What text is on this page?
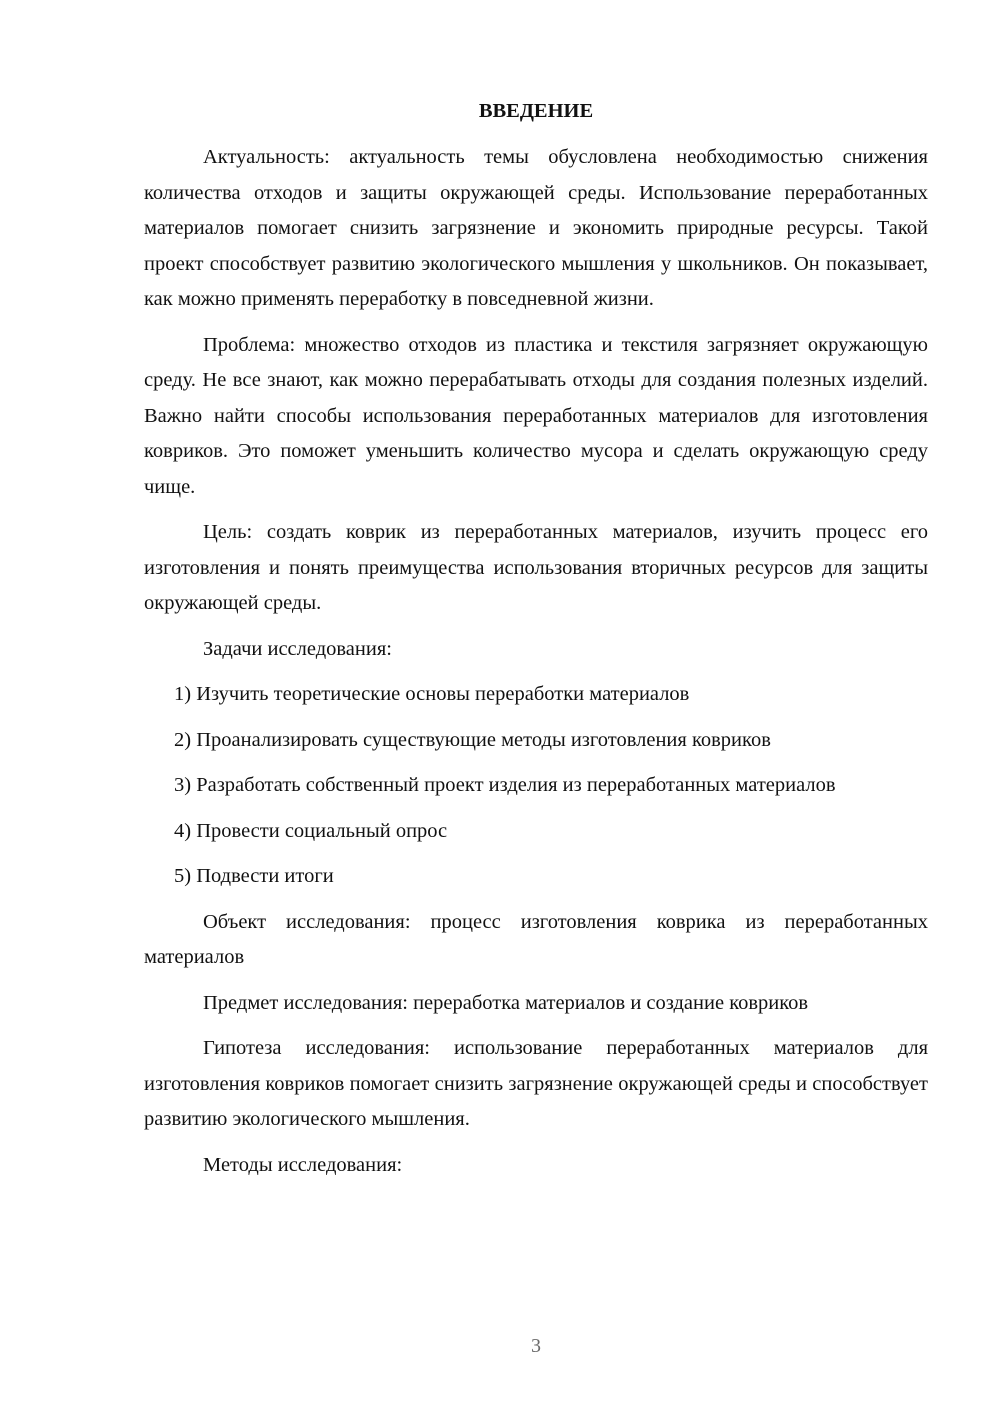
ВВЕДЕНИЕ

Актуальность: актуальность темы обусловлена необходимостью снижения количества отходов и защиты окружающей среды. Использование переработанных материалов помогает снизить загрязнение и экономить природные ресурсы. Такой проект способствует развитию экологического мышления у школьников. Он показывает, как можно применять переработку в повседневной жизни.

Проблема: множество отходов из пластика и текстиля загрязняет окружающую среду. Не все знают, как можно перерабатывать отходы для создания полезных изделий. Важно найти способы использования переработанных материалов для изготовления ковриков. Это поможет уменьшить количество мусора и сделать окружающую среду чище.

Цель: создать коврик из переработанных материалов, изучить процесс его изготовления и понять преимущества использования вторичных ресурсов для защиты окружающей среды.

Задачи исследования:

1) Изучить теоретические основы переработки материалов

2) Проанализировать существующие методы изготовления ковриков

3) Разработать собственный проект изделия из переработанных материалов

4) Провести социальный опрос

5) Подвести итоги

Объект исследования: процесс изготовления коврика из переработанных материалов

Предмет исследования: переработка материалов и создание ковриков

Гипотеза исследования: использование переработанных материалов для изготовления ковриков помогает снизить загрязнение окружающей среды и способствует развитию экологического мышления.

Методы исследования:

3
